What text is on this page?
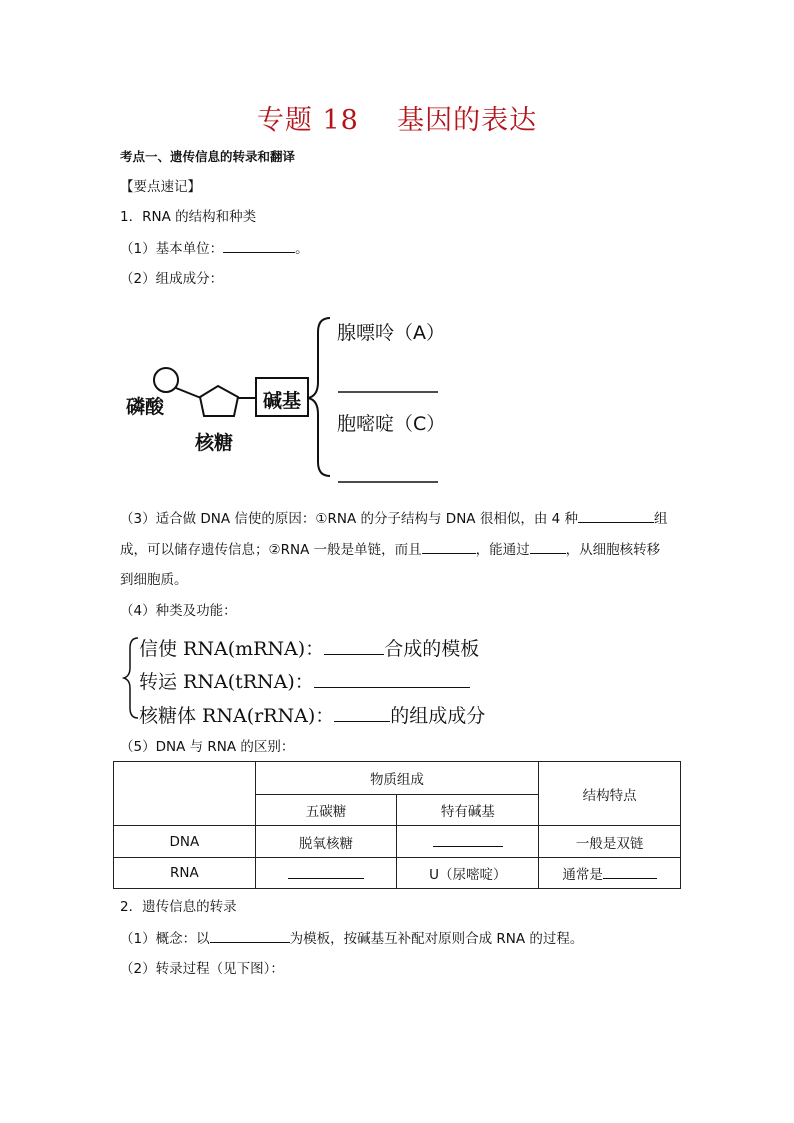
专题 18    基因的表达
考点一、遗传信息的转录和翻译
【要点速记】
1．RNA 的结构和种类
（1）基本单位：	。
（2）组成成分：
磷酸
核糖
碱基
腺嘌呤（A）
胞嘧啶（C）
（3）适合做 DNA 信使的原因：①RNA 的分子结构与 DNA 很相似，由 4 种	组
成，可以储存遗传信息；②RNA 一般是单链，而且	，能通过	，从细胞核转移
到细胞质。
（4）种类及功能：
信使 RNA(mRNA)：	合成的模板
转运 RNA(tRNA)：
核糖体 RNA(rRNA)：	的组成成分
（5）DNA 与 RNA 的区别：
	物质组成		结构特点
	五碳糖	特有碱基	
DNA	脱氧核糖		一般是双链
RNA		U（尿嘧啶）	通常是
2．遗传信息的转录
（1）概念：以	为模板，按碱基互补配对原则合成 RNA 的过程。
（2）转录过程（见下图）：
